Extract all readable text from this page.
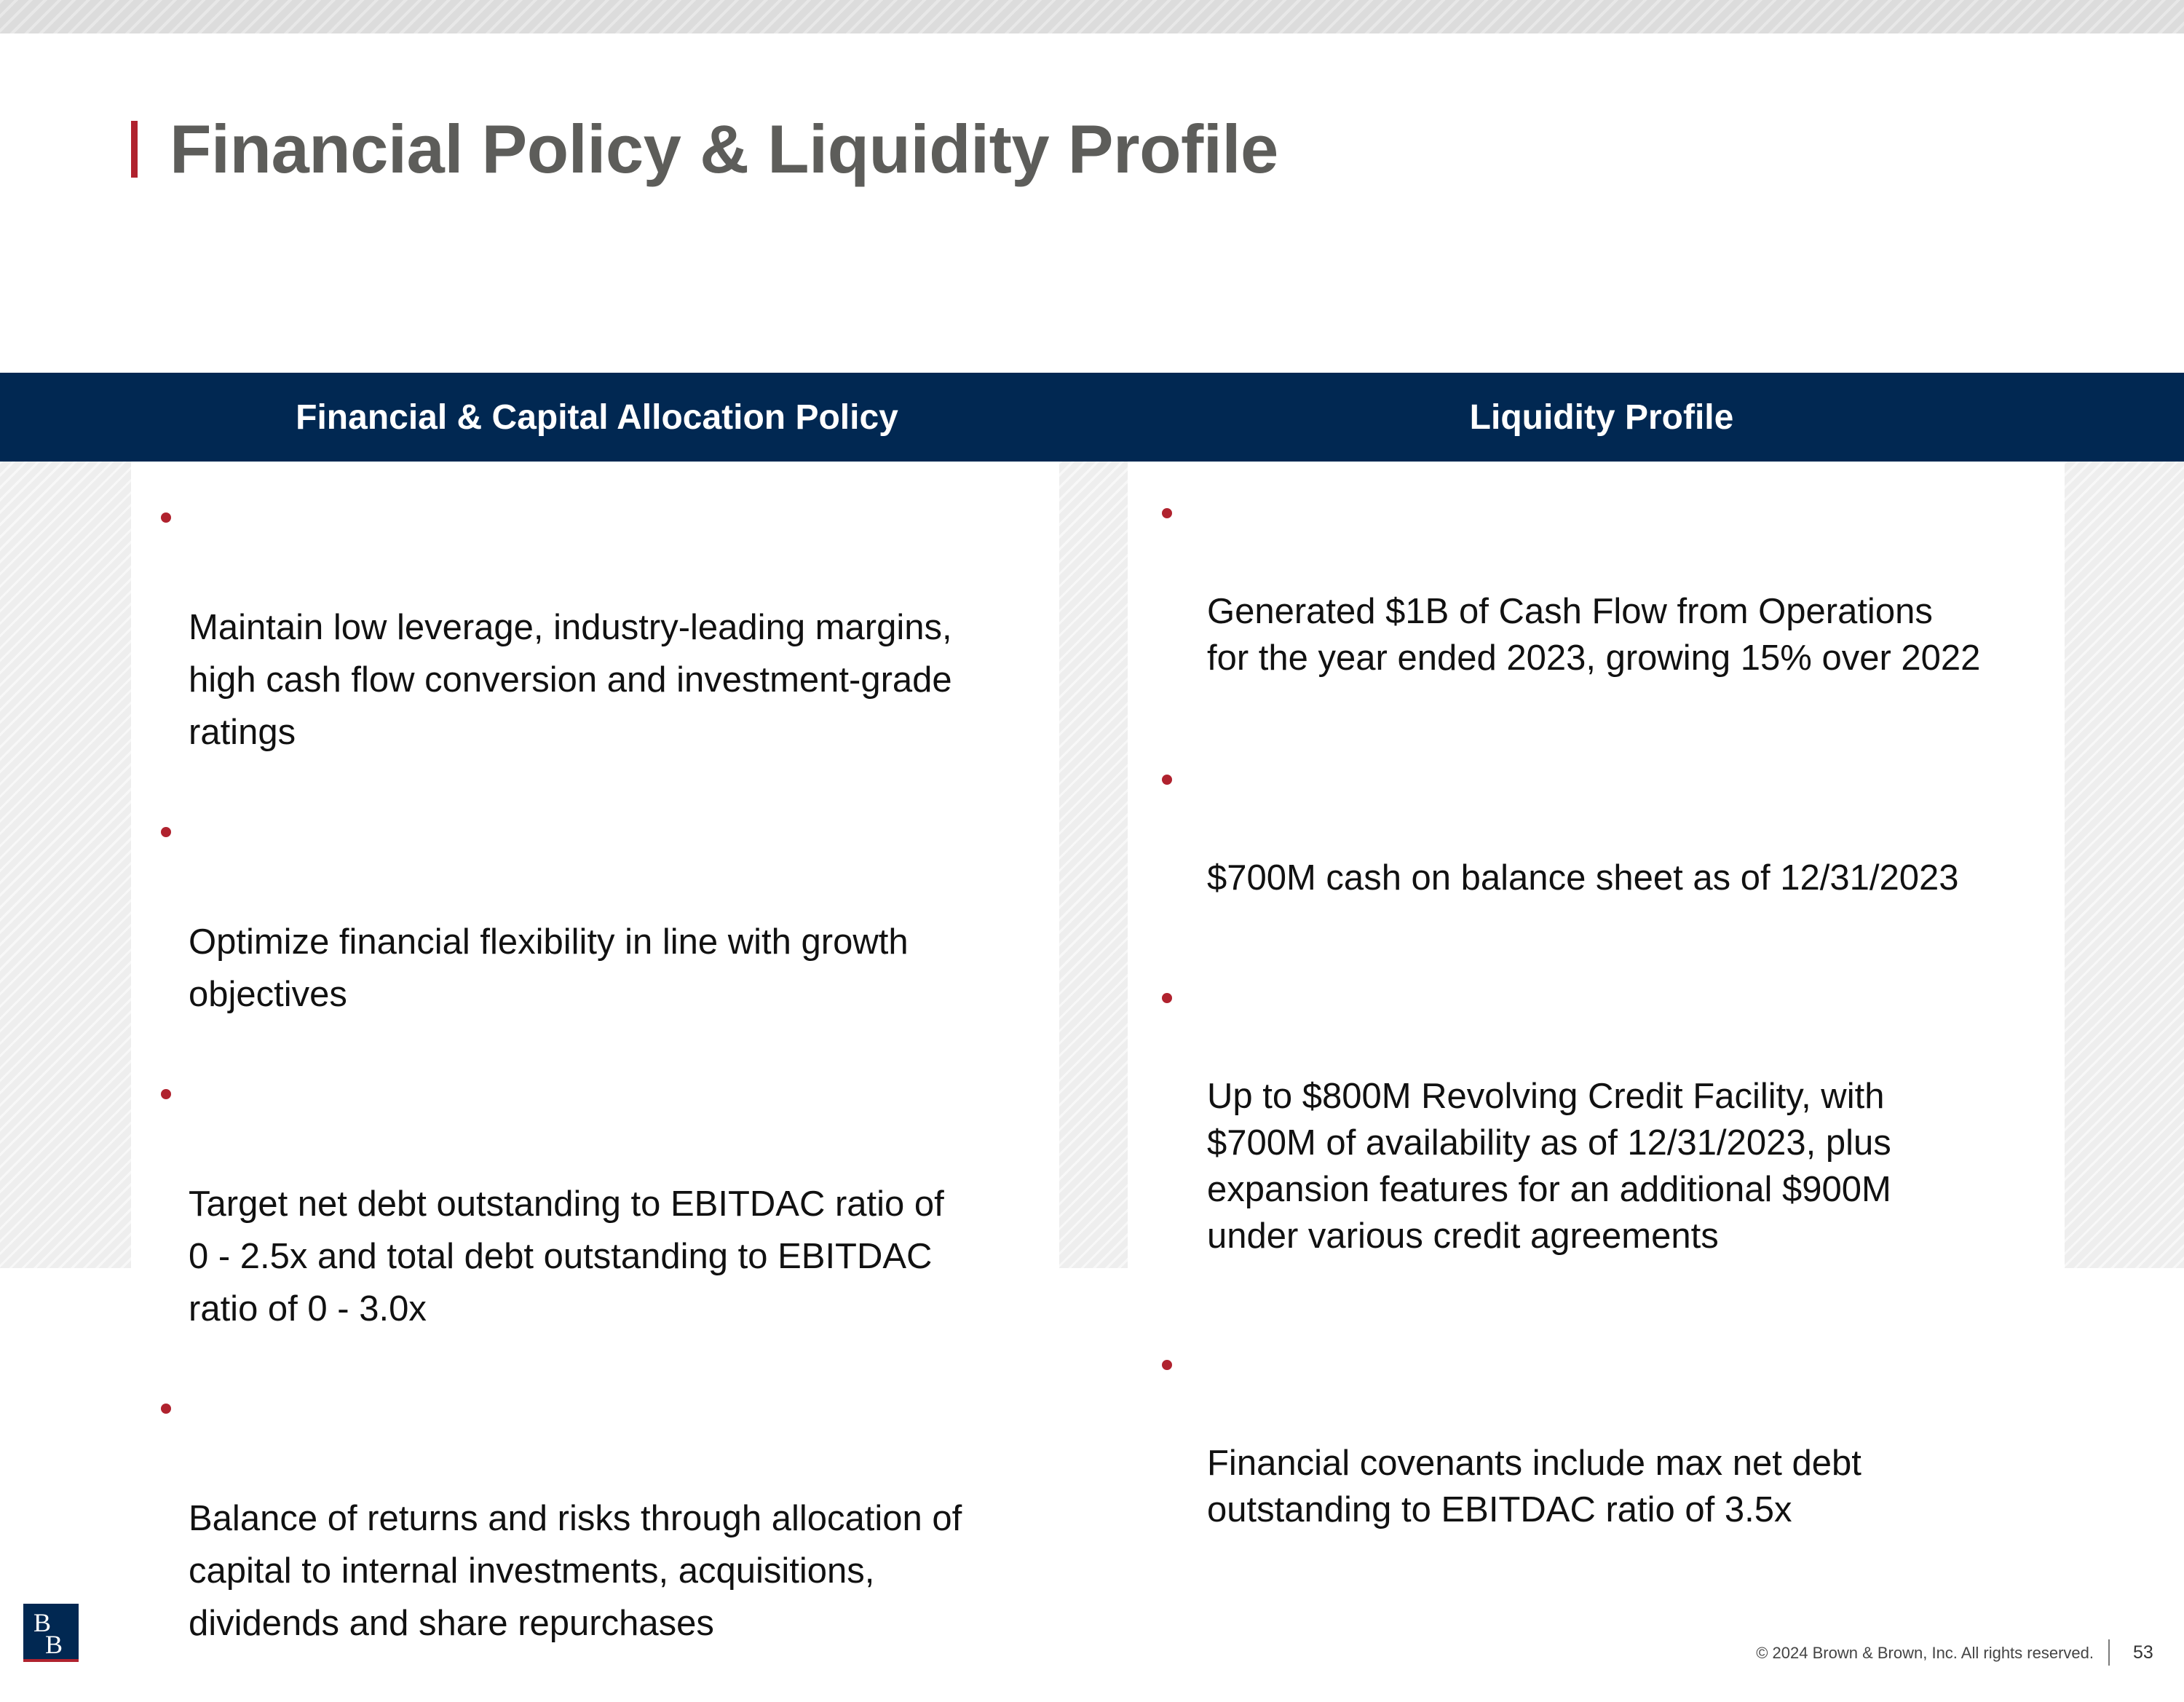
Financial Policy & Liquidity Profile
Financial & Capital Allocation Policy	Liquidity Profile

Maintain low leverage, industry-leading margins,
high cash flow conversion and investment-grade
ratings

Optimize financial flexibility in line with growth
objectives

Target net debt outstanding to EBITDAC ratio of
0 - 2.5x and total debt outstanding to EBITDAC
ratio of 0 - 3.0x

Balance of returns and risks through allocation of
capital to internal investments, acquisitions,
dividends and share repurchases

Generated $1B of Cash Flow from Operations
for the year ended 2023, growing 15% over 2022

$700M cash on balance sheet as of 12/31/2023

Up to $800M Revolving Credit Facility, with
$700M of availability as of 12/31/2023, plus
expansion features for an additional $900M
under various credit agreements

Financial covenants include max net debt
outstanding to EBITDAC ratio of 3.5x

B
B	© 2024 Brown & Brown, Inc. All rights reserved. 53
